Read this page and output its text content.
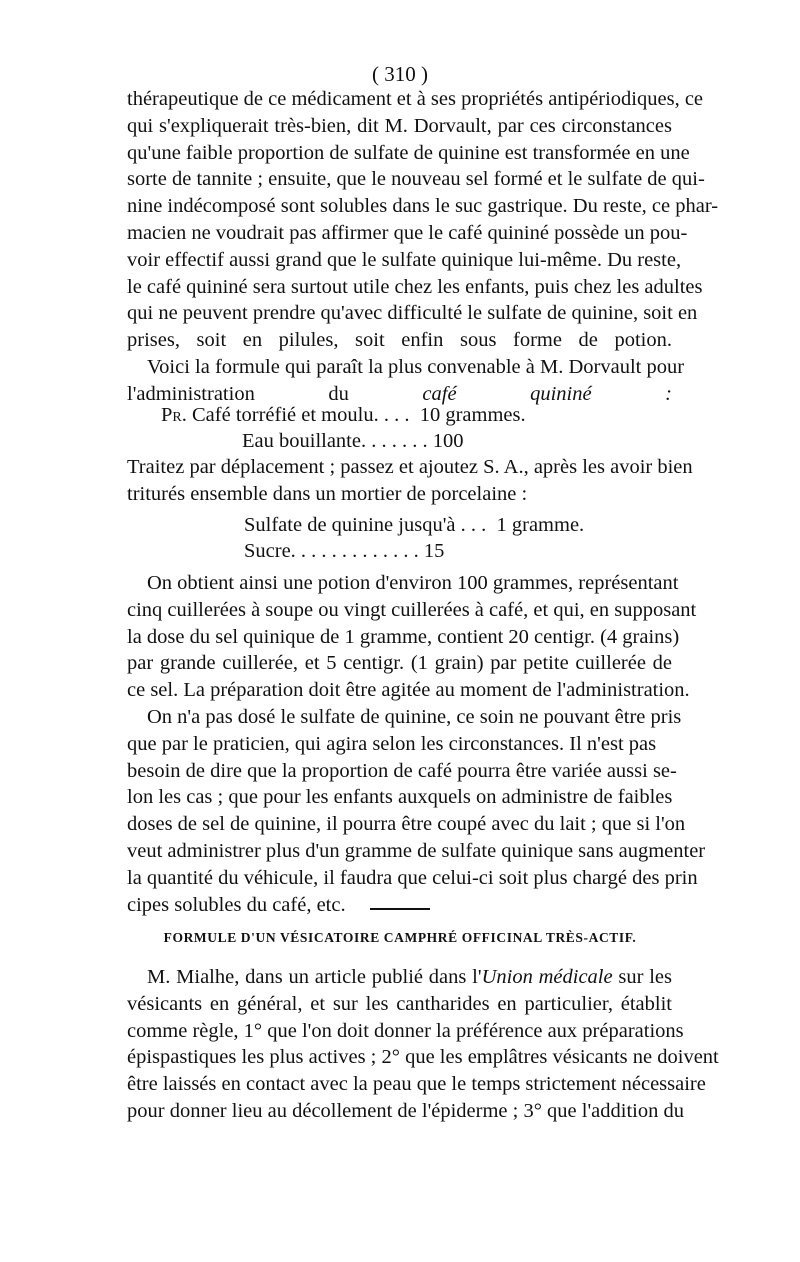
( 310 )

thérapeutique de ce médicament et à ses propriétés antipériodiques, ce
qui s'expliquerait très-bien, dit M. Dorvault, par ces circonstances
qu'une faible proportion de sulfate de quinine est transformée en une
sorte de tannite ; ensuite, que le nouveau sel formé et le sulfate de qui-
nine indécomposé sont solubles dans le suc gastrique. Du reste, ce phar-
macien ne voudrait pas affirmer que le café quininé possède un pou-
voir effectif aussi grand que le sulfate quinique lui-même. Du reste,
le café quininé sera surtout utile chez les enfants, puis chez les adultes
qui ne peuvent prendre qu'avec difficulté le sulfate de quinine, soit en
prises, soit en pilules, soit enfin sous forme de potion.

Voici la formule qui paraît la plus convenable à M. Dorvault pour
l'administration du café quininé :

Pr. Café torréfié et moulu. . . .  10 grammes.
Eau bouillante. . . . . . . 100

Traitez par déplacement ; passez et ajoutez S. A., après les avoir bien

triturés ensemble dans un mortier de porcelaine :

Sulfate de quinine jusqu'à . . .  1 gramme.
Sucre. . . . . . . . . . . . . 15

On obtient ainsi une potion d'environ 100 grammes, représentant
cinq cuillerées à soupe ou vingt cuillerées à café, et qui, en supposant
la dose du sel quinique de 1 gramme, contient 20 centigr. (4 grains)
par grande cuillerée, et 5 centigr. (1 grain) par petite cuillerée de
ce sel. La préparation doit être agitée au moment de l'administration.

On n'a pas dosé le sulfate de quinine, ce soin ne pouvant être pris
que par le praticien, qui agira selon les circonstances. Il n'est pas
besoin de dire que la proportion de café pourra être variée aussi se-
lon les cas ; que pour les enfants auxquels on administre de faibles
doses de sel de quinine, il pourra être coupé avec du lait ; que si l'on
veut administrer plus d'un gramme de sulfate quinique sans augmenter
la quantité du véhicule, il faudra que celui-ci soit plus chargé des prin
cipes solubles du café, etc.

FORMULE D'UN VÉSICATOIRE CAMPHRÉ OFFICINAL TRÈS-ACTIF.

M. Mialhe, dans un article publié dans l'Union médicale sur les
vésicants en général, et sur les cantharides en particulier, établit
comme règle, 1° que l'on doit donner la préférence aux préparations
épispastiques les plus actives ; 2° que les emplâtres vésicants ne doivent
être laissés en contact avec la peau que le temps strictement nécessaire
pour donner lieu au décollement de l'épiderme ; 3° que l'addition du
